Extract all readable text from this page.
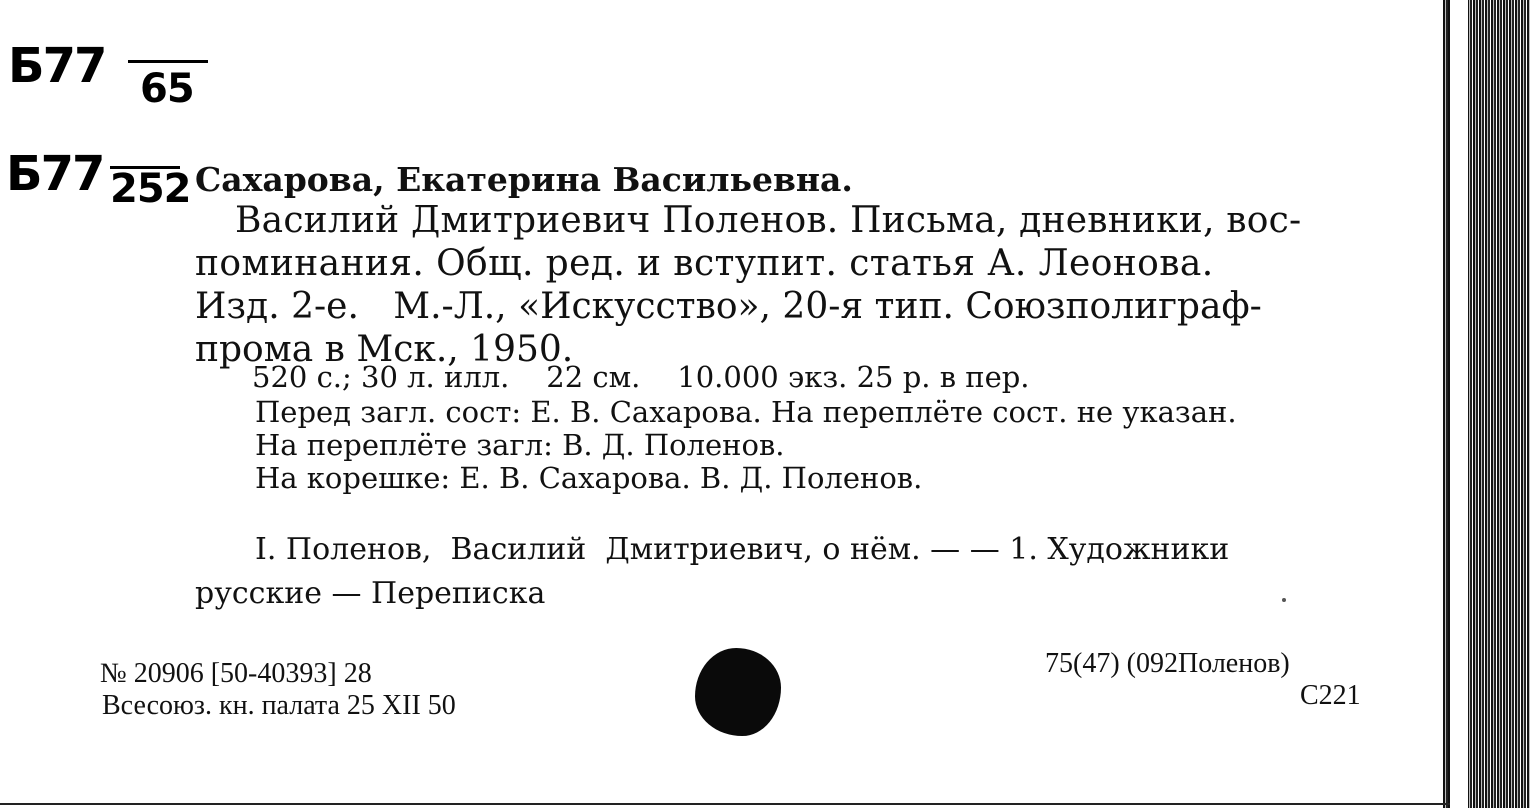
Б77 65
Б77 252 Сахарова, Екатерина Васильевна.
Василий Дмитриевич Поленов. Письма, дневники, вос-
поминания. Общ. ред. и вступит. статья А. Леонова.
Изд. 2-е.   М.-Л., «Искусство», 20-я тип. Союзполиграф-
прома в Мск., 1950.
520 с.; 30 л. илл.    22 см.    10.000 экз. 25 р. в пер.
Перед загл. сост: Е. В. Сахарова. На переплёте сост. не указан.
На переплёте загл: В. Д. Поленов.
На корешке: Е. В. Сахарова. В. Д. Поленов.
I. Поленов,  Василий  Дмитриевич, о нём. — — 1. Художники
русские — Переписка
№ 20906 [50-40393] 28
Всесоюз. кн. палата 25 XII 50
75(47) (092Поленов)
С221
